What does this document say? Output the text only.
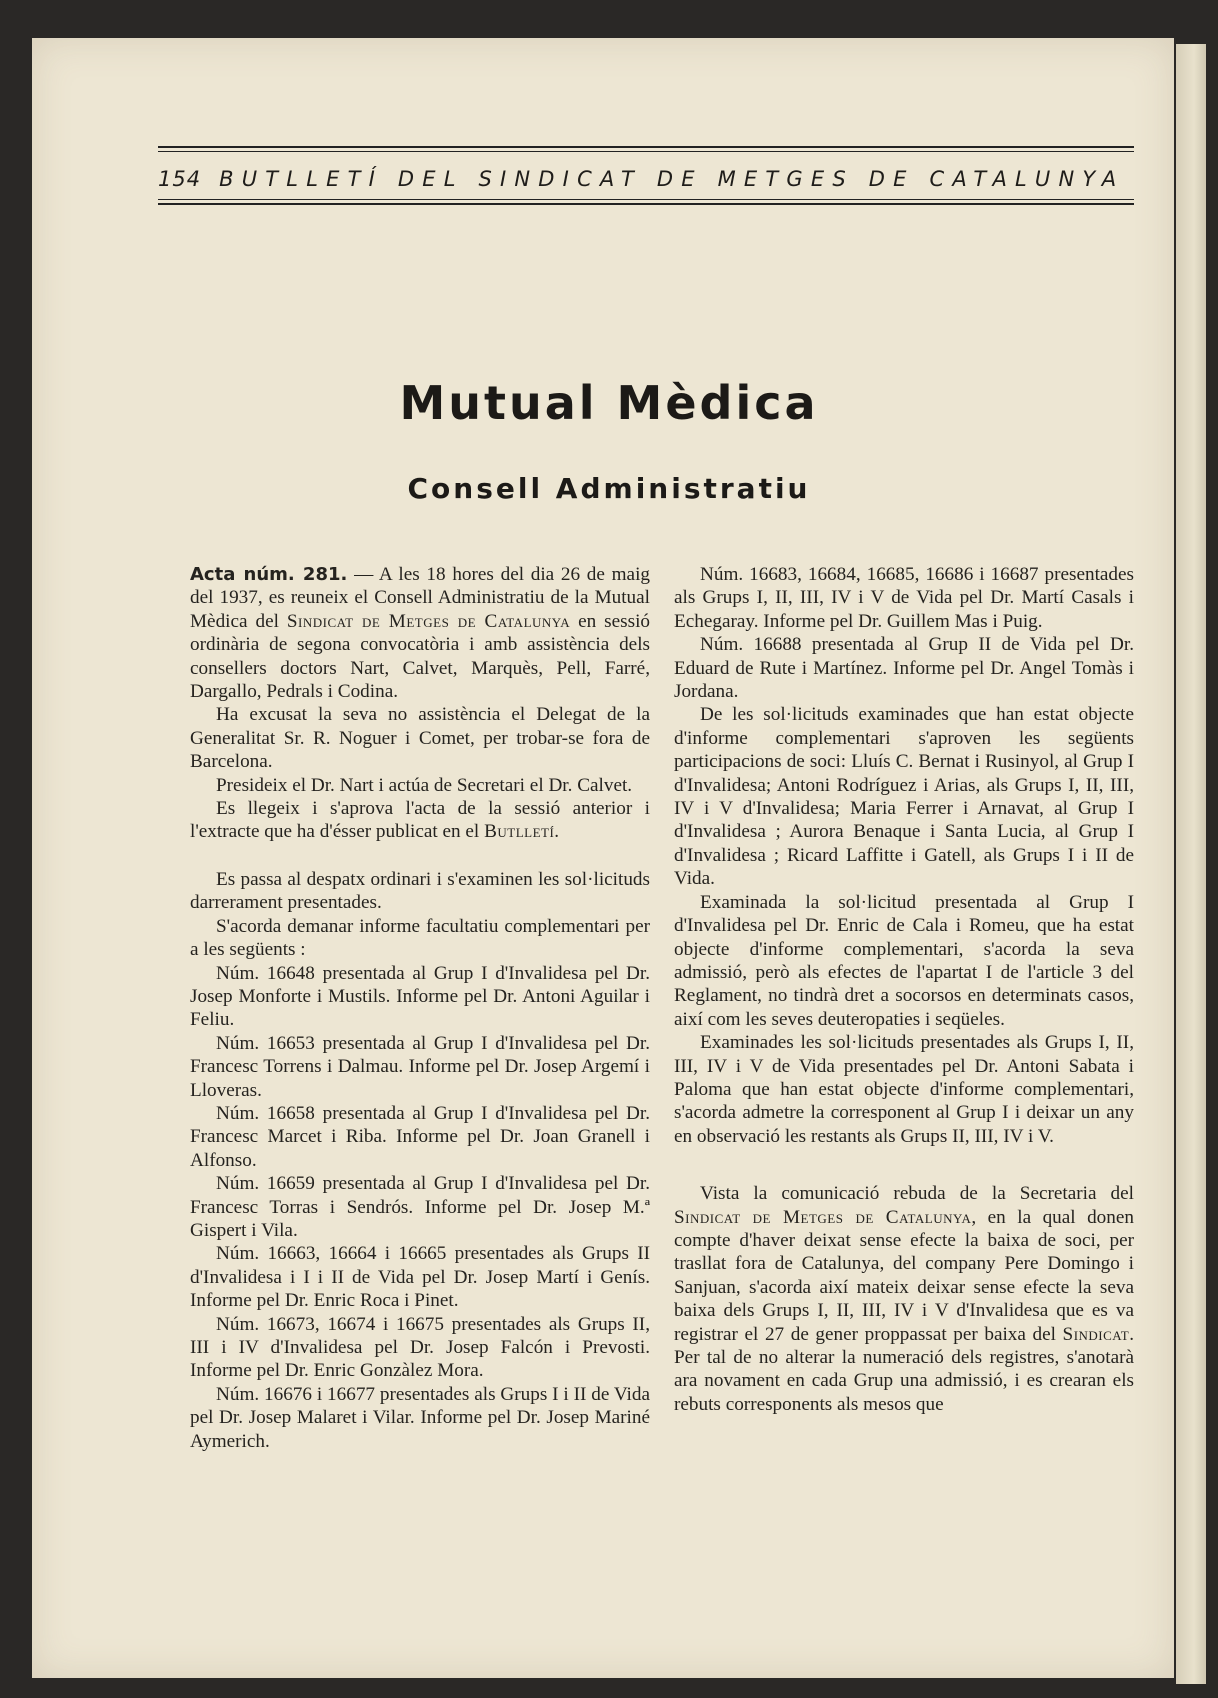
154 BUTLLETÍ DEL SINDICAT DE METGES DE CATALUNYA
Mutual Mèdica
Consell Administratiu

Acta núm. 281. — A les 18 hores del dia 26 de maig del 1937, es reuneix el Consell Administratiu de la Mutual Mèdica del Sindicat de Metges de Catalunya en sessió ordinària de segona convocatòria i amb assistència dels consellers doctors Nart, Calvet, Marquès, Pell, Farré, Dargallo, Pedrals i Codina.

Ha excusat la seva no assistència el Delegat de la Generalitat Sr. R. Noguer i Comet, per trobar-se fora de Barcelona.

Presideix el Dr. Nart i actúa de Secretari el Dr. Calvet.

Es llegeix i s'aprova l'acta de la sessió anterior i l'extracte que ha d'ésser publicat en el Butlletí.

Es passa al despatx ordinari i s'examinen les sol·licituds darrerament presentades.

S'acorda demanar informe facultatiu complementari per a les següents :

Núm. 16648 presentada al Grup I d'Invalidesa pel Dr. Josep Monforte i Mustils. Informe pel Dr. Antoni Aguilar i Feliu.

Núm. 16653 presentada al Grup I d'Invalidesa pel Dr. Francesc Torrens i Dalmau. Informe pel Dr. Josep Argemí i Lloveras.

Núm. 16658 presentada al Grup I d'Invalidesa pel Dr. Francesc Marcet i Riba. Informe pel Dr. Joan Granell i Alfonso.

Núm. 16659 presentada al Grup I d'Invalidesa pel Dr. Francesc Torras i Sendrós. Informe pel Dr. Josep M.ª Gispert i Vila.

Núm. 16663, 16664 i 16665 presentades als Grups II d'Invalidesa i I i II de Vida pel Dr. Josep Martí i Genís. Informe pel Dr. Enric Roca i Pinet.

Núm. 16673, 16674 i 16675 presentades als Grups II, III i IV d'Invalidesa pel Dr. Josep Falcón i Prevosti. Informe pel Dr. Enric Gonzàlez Mora.

Núm. 16676 i 16677 presentades als Grups I i II de Vida pel Dr. Josep Malaret i Vilar. Informe pel Dr. Josep Mariné Aymerich.

Núm. 16683, 16684, 16685, 16686 i 16687 presentades als Grups I, II, III, IV i V de Vida pel Dr. Martí Casals i Echegaray. Informe pel Dr. Guillem Mas i Puig.

Núm. 16688 presentada al Grup II de Vida pel Dr. Eduard de Rute i Martínez. Informe pel Dr. Angel Tomàs i Jordana.

De les sol·licituds examinades que han estat objecte d'informe complementari s'aproven les següents participacions de soci: Lluís C. Bernat i Rusinyol, al Grup I d'Invalidesa; Antoni Rodríguez i Arias, als Grups I, II, III, IV i V d'Invalidesa; Maria Ferrer i Arnavat, al Grup I d'Invalidesa ; Aurora Benaque i Santa Lucia, al Grup I d'Invalidesa ; Ricard Laffitte i Gatell, als Grups I i II de Vida.

Examinada la sol·licitud presentada al Grup I d'Invalidesa pel Dr. Enric de Cala i Romeu, que ha estat objecte d'informe complementari, s'acorda la seva admissió, però als efectes de l'apartat I de l'article 3 del Reglament, no tindrà dret a socorsos en determinats casos, així com les seves deuteropaties i seqüeles.

Examinades les sol·licituds presentades als Grups I, II, III, IV i V de Vida presentades pel Dr. Antoni Sabata i Paloma que han estat objecte d'informe complementari, s'acorda admetre la corresponent al Grup I i deixar un any en observació les restants als Grups II, III, IV i V.

Vista la comunicació rebuda de la Secretaria del Sindicat de Metges de Catalunya, en la qual donen compte d'haver deixat sense efecte la baixa de soci, per trasllat fora de Catalunya, del company Pere Domingo i Sanjuan, s'acorda així mateix deixar sense efecte la seva baixa dels Grups I, II, III, IV i V d'Invalidesa que es va registrar el 27 de gener proppassat per baixa del Sindicat. Per tal de no alterar la numeració dels registres, s'anotarà ara novament en cada Grup una admissió, i es crearan els rebuts corresponents als mesos que
